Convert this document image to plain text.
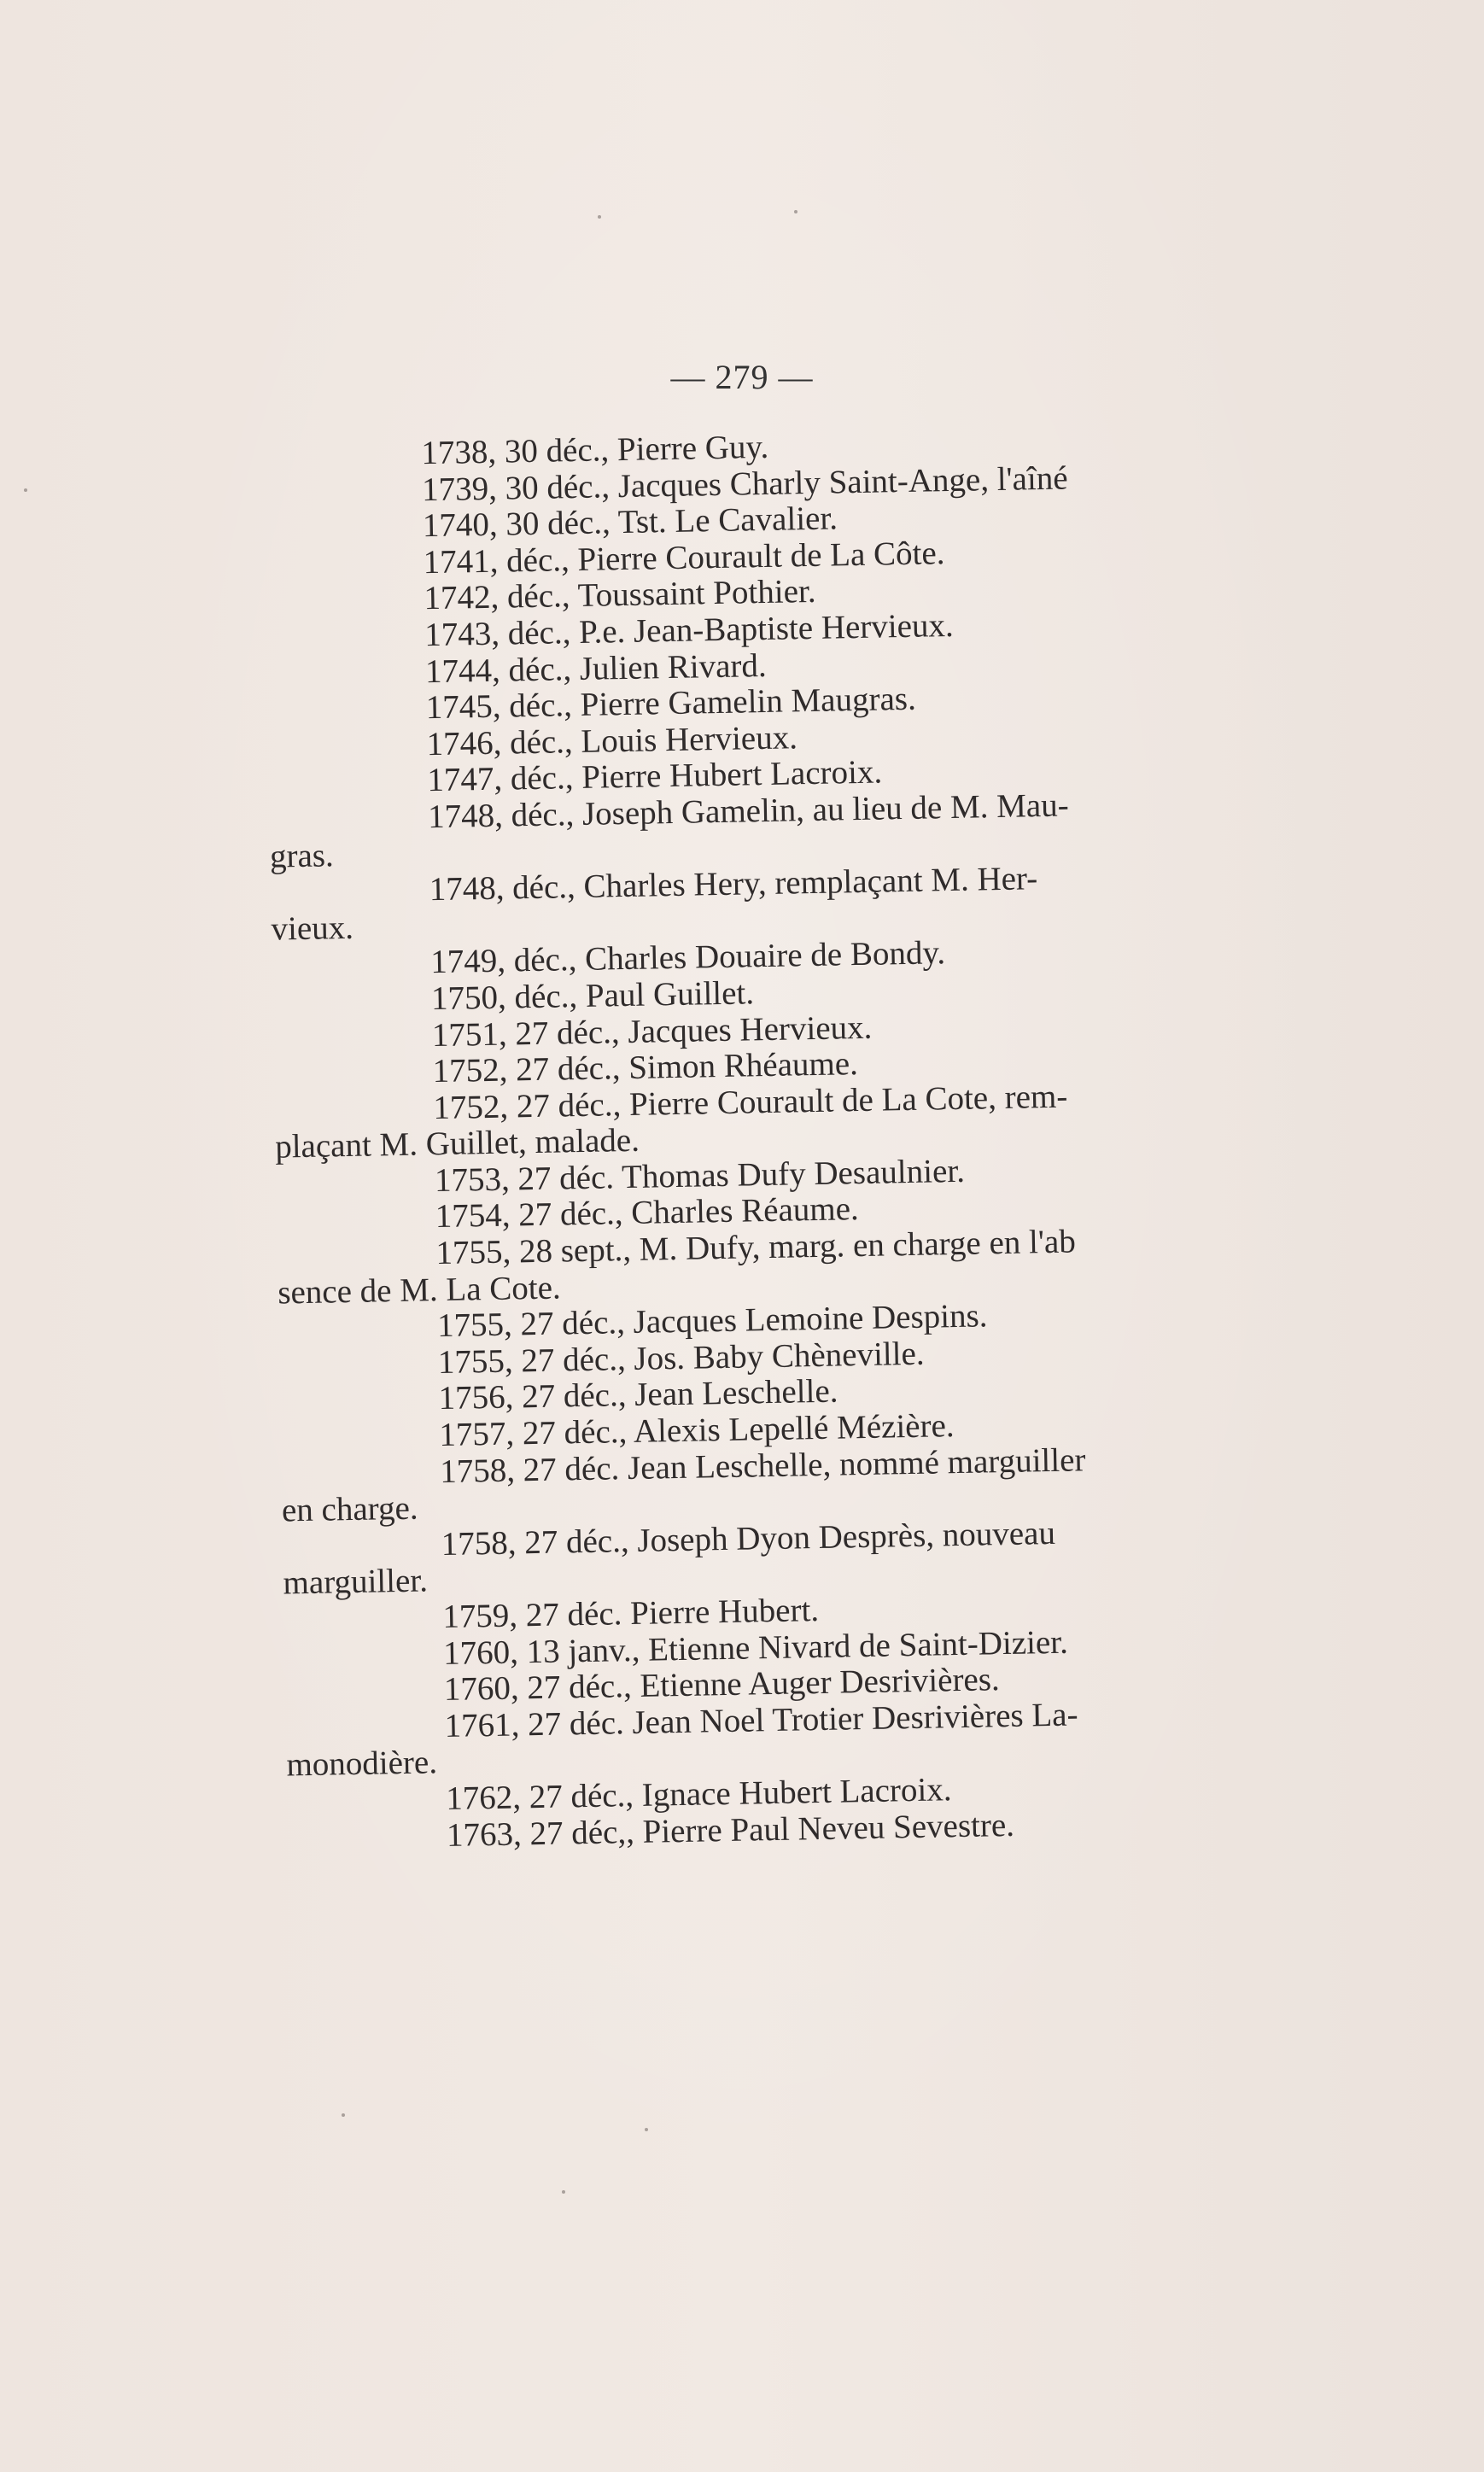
— 279 —

1738, 30 déc., Pierre Guy.

1739, 30 déc., Jacques Charly Saint-Ange, l'aîné

1740, 30 déc., Tst. Le Cavalier.

1741, déc., Pierre Courault de La Côte.

1742, déc., Toussaint Pothier.

1743, déc., P.e. Jean-Baptiste Hervieux.

1744, déc., Julien Rivard.

1745, déc., Pierre Gamelin Maugras.

1746, déc., Louis Hervieux.

1747, déc., Pierre Hubert Lacroix.

1748, déc., Joseph Gamelin, au lieu de M. Mau-
gras.

1748, déc., Charles Hery, remplaçant M. Her-
vieux.

1749, déc., Charles Douaire de Bondy.

1750, déc., Paul Guillet.

1751, 27 déc., Jacques Hervieux.

1752, 27 déc., Simon Rhéaume.

1752, 27 déc., Pierre Courault de La Cote, rem-
plaçant M. Guillet, malade.

1753, 27 déc. Thomas Dufy Desaulnier.

1754, 27 déc., Charles Réaume.

1755, 28 sept., M. Dufy, marg. en charge en l'ab
sence de M. La Cote.

1755, 27 déc., Jacques Lemoine Despins.

1755, 27 déc., Jos. Baby Chèneville.

1756, 27 déc., Jean Leschelle.

1757, 27 déc., Alexis Lepellé Mézière.

1758, 27 déc. Jean Leschelle, nommé marguiller
en charge.

1758, 27 déc., Joseph Dyon Desprès, nouveau
marguiller.

1759, 27 déc. Pierre Hubert.

1760, 13 janv., Etienne Nivard de Saint-Dizier.

1760, 27 déc., Etienne Auger Desrivières.

1761, 27 déc. Jean Noel Trotier Desrivières La-
monodière.

1762, 27 déc., Ignace Hubert Lacroix.

1763, 27 déc,, Pierre Paul Neveu Sevestre.
